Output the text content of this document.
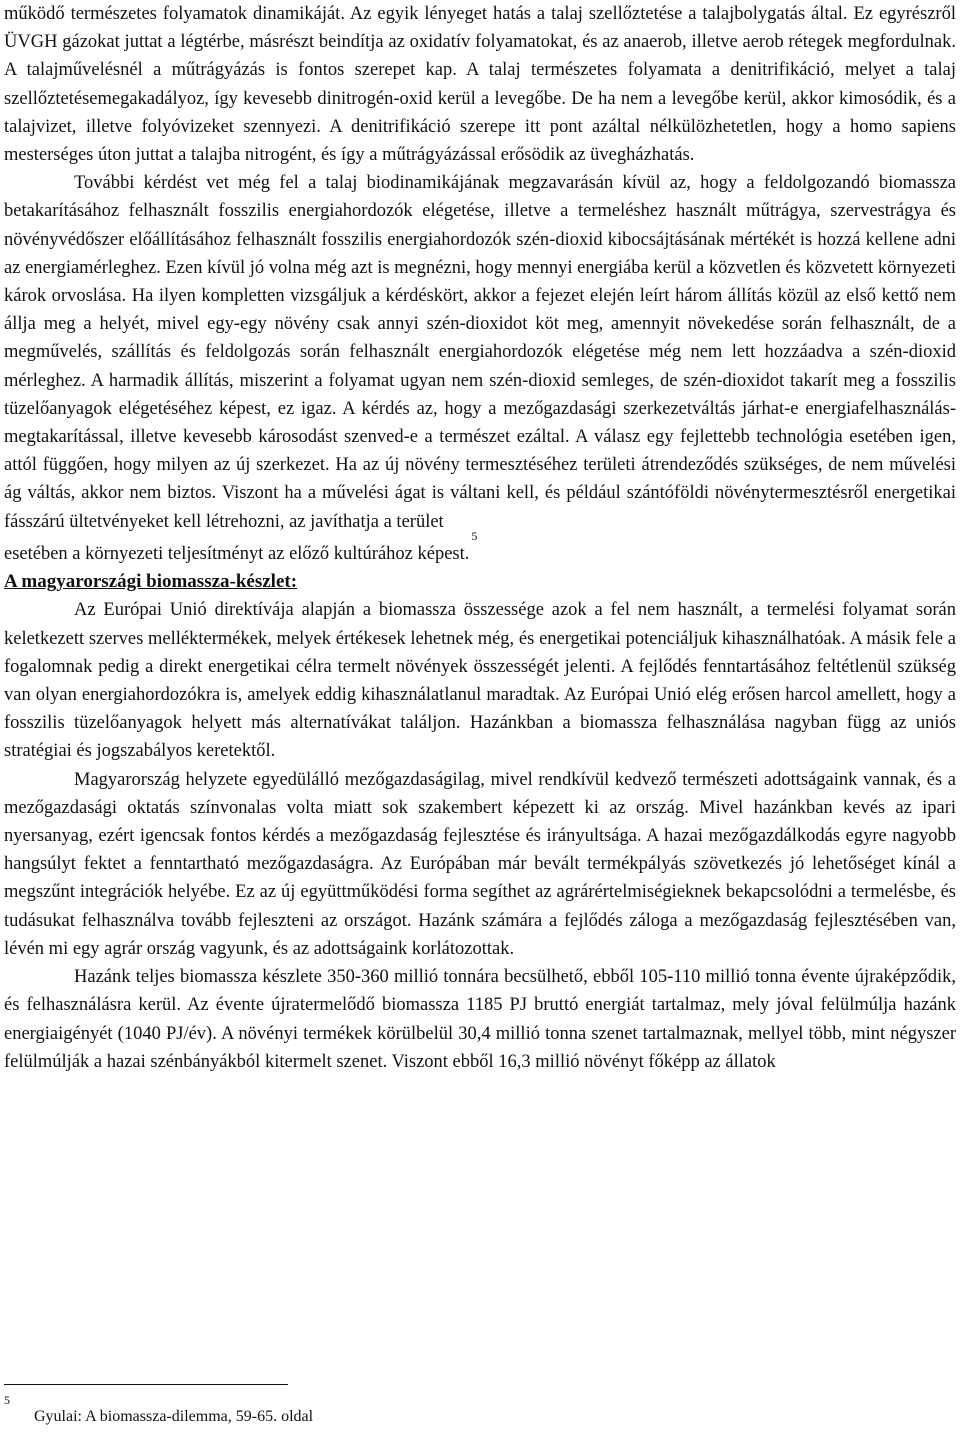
működő természetes folyamatok dinamikáját. Az egyik lényeget hatás a talaj szellőztetése a talajbolygatás által. Ez egyrészről ÜVGH gázokat juttat a légtérbe, másrészt beindítja az oxidatív folyamatokat, és az anaerob, illetve aerob rétegek megfordulnak. A talajművelésnél a műtrágyázás is fontos szerepet kap. A talaj természetes folyamata a denitrifikáció, melyet a talaj szellőztetésemegakadályoz, így kevesebb dinitrogén-oxid kerül a levegőbe. De ha nem a levegőbe kerül, akkor kimosódik, és a talajvizet, illetve folyóvizeket szennyezi. A denitrifikáció szerepe itt pont azáltal nélkülözhetetlen, hogy a homo sapiens mesterséges úton juttat a talajba nitrogént, és így a műtrágyázással erősödik az üvegházhatás.

További kérdést vet még fel a talaj biodinamikájának megzavarásán kívül az, hogy a feldolgozandó biomassza betakarításához felhasznált fosszilis energiahordozók elégetése, illetve a termeléshez használt műtrágya, szervestrágya és növényvédőszer előállításához felhasznált fosszilis energiahordozók szén-dioxid kibocsájtásának mértékét is hozzá kellene adni az energiamérleghez. Ezen kívül jó volna még azt is megnézni, hogy mennyi energiába kerül a közvetlen és közvetett környezeti károk orvoslása. Ha ilyen kompletten vizsgáljuk a kérdéskört, akkor a fejezet elején leírt három állítás közül az első kettő nem állja meg a helyét, mivel egy-egy növény csak annyi szén-dioxidot köt meg, amennyit növekedése során felhasznált, de a megművelés, szállítás és feldolgozás során felhasznált energiahordozók elégetése még nem lett hozzáadva a szén-dioxid mérleghez. A harmadik állítás, miszerint a folyamat ugyan nem szén-dioxid semleges, de szén-dioxidot takarít meg a fosszilis tüzelőanyagok elégetéséhez képest, ez igaz. A kérdés az, hogy a mezőgazdasági szerkezetváltás járhat-e energiafelhasználás-megtakarítással, illetve kevesebb károsodást szenved-e a természet ezáltal. A válasz egy fejlettebb technológia esetében igen, attól függően, hogy milyen az új szerkezet. Ha az új növény termesztéséhez területi átrendeződés szükséges, de nem művelési ág váltás, akkor nem biztos. Viszont ha a művelési ágat is váltani kell, és például szántóföldi növénytermesztésről energetikai fásszárú ültetvényeket kell létrehozni, az javíthatja a terület

esetében a környezeti teljesítményt az előző kultúrához képest.$^5$

A magyarországi biomassza-készlet:

Az Európai Unió direktívája alapján a biomassza összessége azok a fel nem használt, a termelési folyamat során keletkezett szerves melléktermékek, melyek értékesek lehetnek még, és energetikai potenciáljuk kihasználhatóak. A másik fele a fogalomnak pedig a direkt energetikai célra termelt növények összességét jelenti. A fejlődés fenntartásához feltétlenül szükség van olyan energiahordozókra is, amelyek eddig kihasználatlanul maradtak. Az Európai Unió elég erősen harcol amellett, hogy a fosszilis tüzelőanyagok helyett más alternatívákat találjon. Hazánkban a biomassza felhasználása nagyban függ az uniós stratégiai és jogszabályos keretektől.

Magyarország helyzete egyedülálló mezőgazdaságilag, mivel rendkívül kedvező természeti adottságaink vannak, és a mezőgazdasági oktatás színvonalas volta miatt sok szakembert képezett ki az ország. Mivel hazánkban kevés az ipari nyersanyag, ezért igencsak fontos kérdés a mezőgazdaság fejlesztése és irányultsága. A hazai mezőgazdálkodás egyre nagyobb hangsúlyt fektet a fenntartható mezőgazdaságra. Az Európában már bevált termékpályás szövetkezés jó lehetőséget kínál a megszűnt integrációk helyébe. Ez az új együttműködési forma segíthet az agrárértelmiségieknek bekapcsolódni a termelésbe, és tudásukat felhasználva tovább fejleszteni az országot. Hazánk számára a fejlődés záloga a mezőgazdaság fejlesztésében van, lévén mi egy agrár ország vagyunk, és az adottságaink korlátozottak.

Hazánk teljes biomassza készlete 350-360 millió tonnára becsülhető, ebből 105-110 millió tonna évente újraképződik, és felhasználásra kerül. Az évente újratermelődő biomassza 1185 PJ bruttó energiát tartalmaz, mely jóval felülmúlja hazánk energiaigényét (1040 PJ/év). A növényi termékek körülbelül 30,4 millió tonna szenet tartalmaznak, mellyel több, mint négyszer felülmúlják a hazai szénbányákból kitermelt szenet. Viszont ebből 16,3 millió növényt főképp az állatok

5
Gyulai: A biomassza-dilemma, 59-65. oldal
